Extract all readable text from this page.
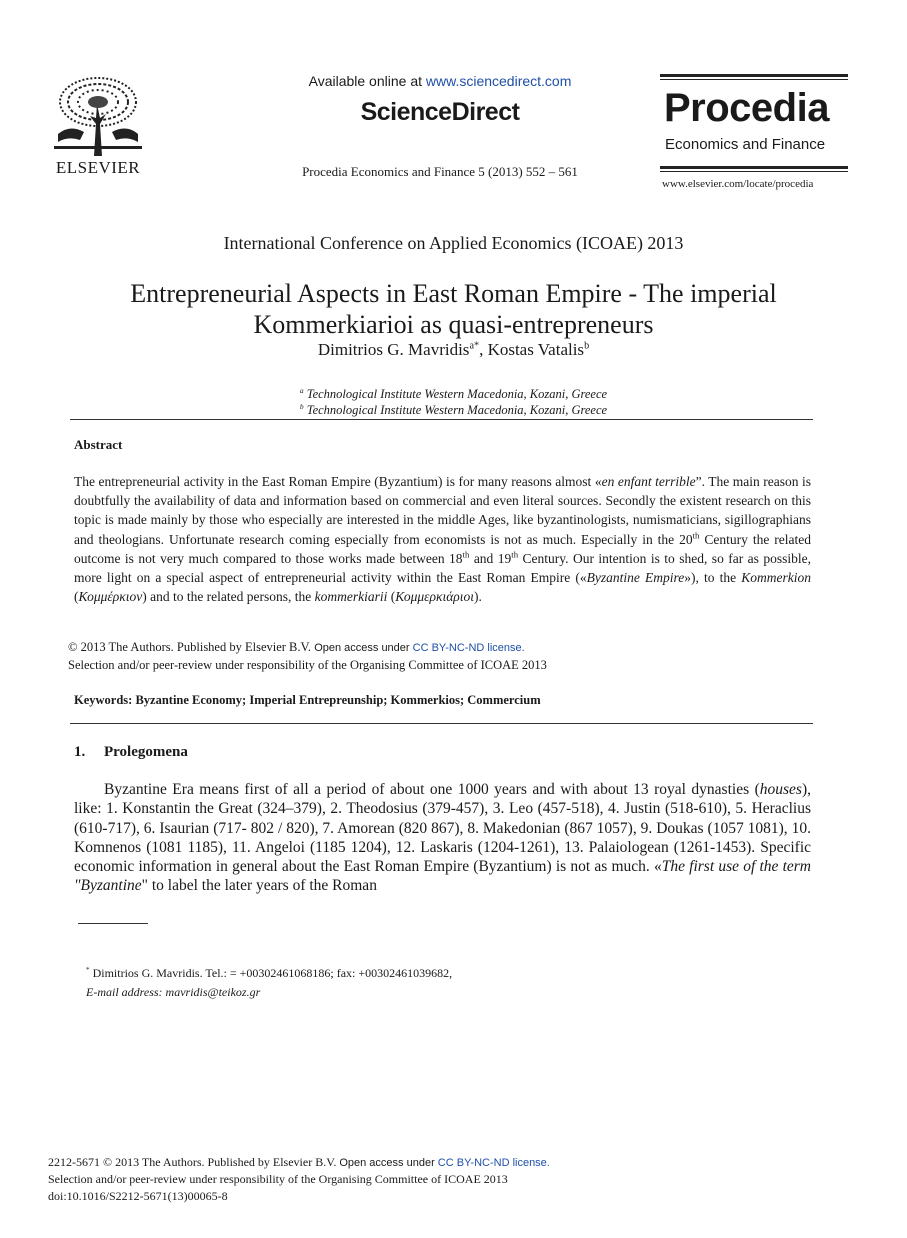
ELSEVIER
Available online at www.sciencedirect.com
ScienceDirect
Procedia Economics and Finance 5 (2013) 552 – 561
Procedia
Economics and Finance
www.elsevier.com/locate/procedia
International Conference on Applied Economics (ICOAE) 2013
Entrepreneurial Aspects in East Roman Empire - The imperial
Kommerkiarioi as quasi-entrepreneurs
Dimitrios G. Mavridis$^{a*}$, Kostas Vatalis$^b$
$^a$ Technological Institute Western Macedonia, Kozani, Greece
$^b$ Technological Institute Western Macedonia, Kozani, Greece
Abstract
The entrepreneurial activity in the East Roman Empire (Byzantium) is for many reasons almost «en enfant terrible”. The main reason is doubtfully the availability of data and information based on commercial and even literal sources. Secondly the existent research on this topic is made mainly by those who especially are interested in the middle Ages, like byzantinologists, numismaticians, sigillographians and theologians. Unfortunate research coming especially from economists is not as much. Especially in the 20th Century the related outcome is not very much compared to those works made between 18th and 19th Century. Our intention is to shed, so far as possible, more light on a special aspect of entrepreneurial activity within the East Roman Empire («Byzantine Empire»), to the Kommerkion (Κομμέρκιον) and to the related persons, the kommerkiarii (Κομμερκιάριοι).
© 2013 The Authors. Published by Elsevier B.V. Open access under CC BY-NC-ND license.
Selection and/or peer-review under responsibility of the Organising Committee of ICOAE 2013
Keywords: Byzantine Economy; Imperial Entrepreunship; Kommerkios; Commercium
1. Prolegomena
Byzantine Era means first of all a period of about one 1000 years and with about 13 royal dynasties (houses), like: 1. Konstantin the Great (324–379), 2. Theodosius (379-457), 3. Leo (457-518), 4. Justin (518-610), 5. Heraclius (610-717), 6. Isaurian (717- 802 / 820), 7. Amorean (820 867), 8. Makedonian (867 1057), 9. Doukas (1057 1081), 10. Komnenos (1081 1185), 11. Angeloi (1185 1204), 12. Laskaris (1204-1261), 13. Palaiologean (1261-1453). Specific economic information in general about the East Roman Empire (Byzantium) is not as much. «The first use of the term "Byzantine" to label the later years of the Roman
* Dimitrios G. Mavridis. Tel.: = +00302461068186; fax: +00302461039682,
E-mail address: mavridis@teikoz.gr
2212-5671 © 2013 The Authors. Published by Elsevier B.V. Open access under CC BY-NC-ND license.
Selection and/or peer-review under responsibility of the Organising Committee of ICOAE 2013
doi:10.1016/S2212-5671(13)00065-8
